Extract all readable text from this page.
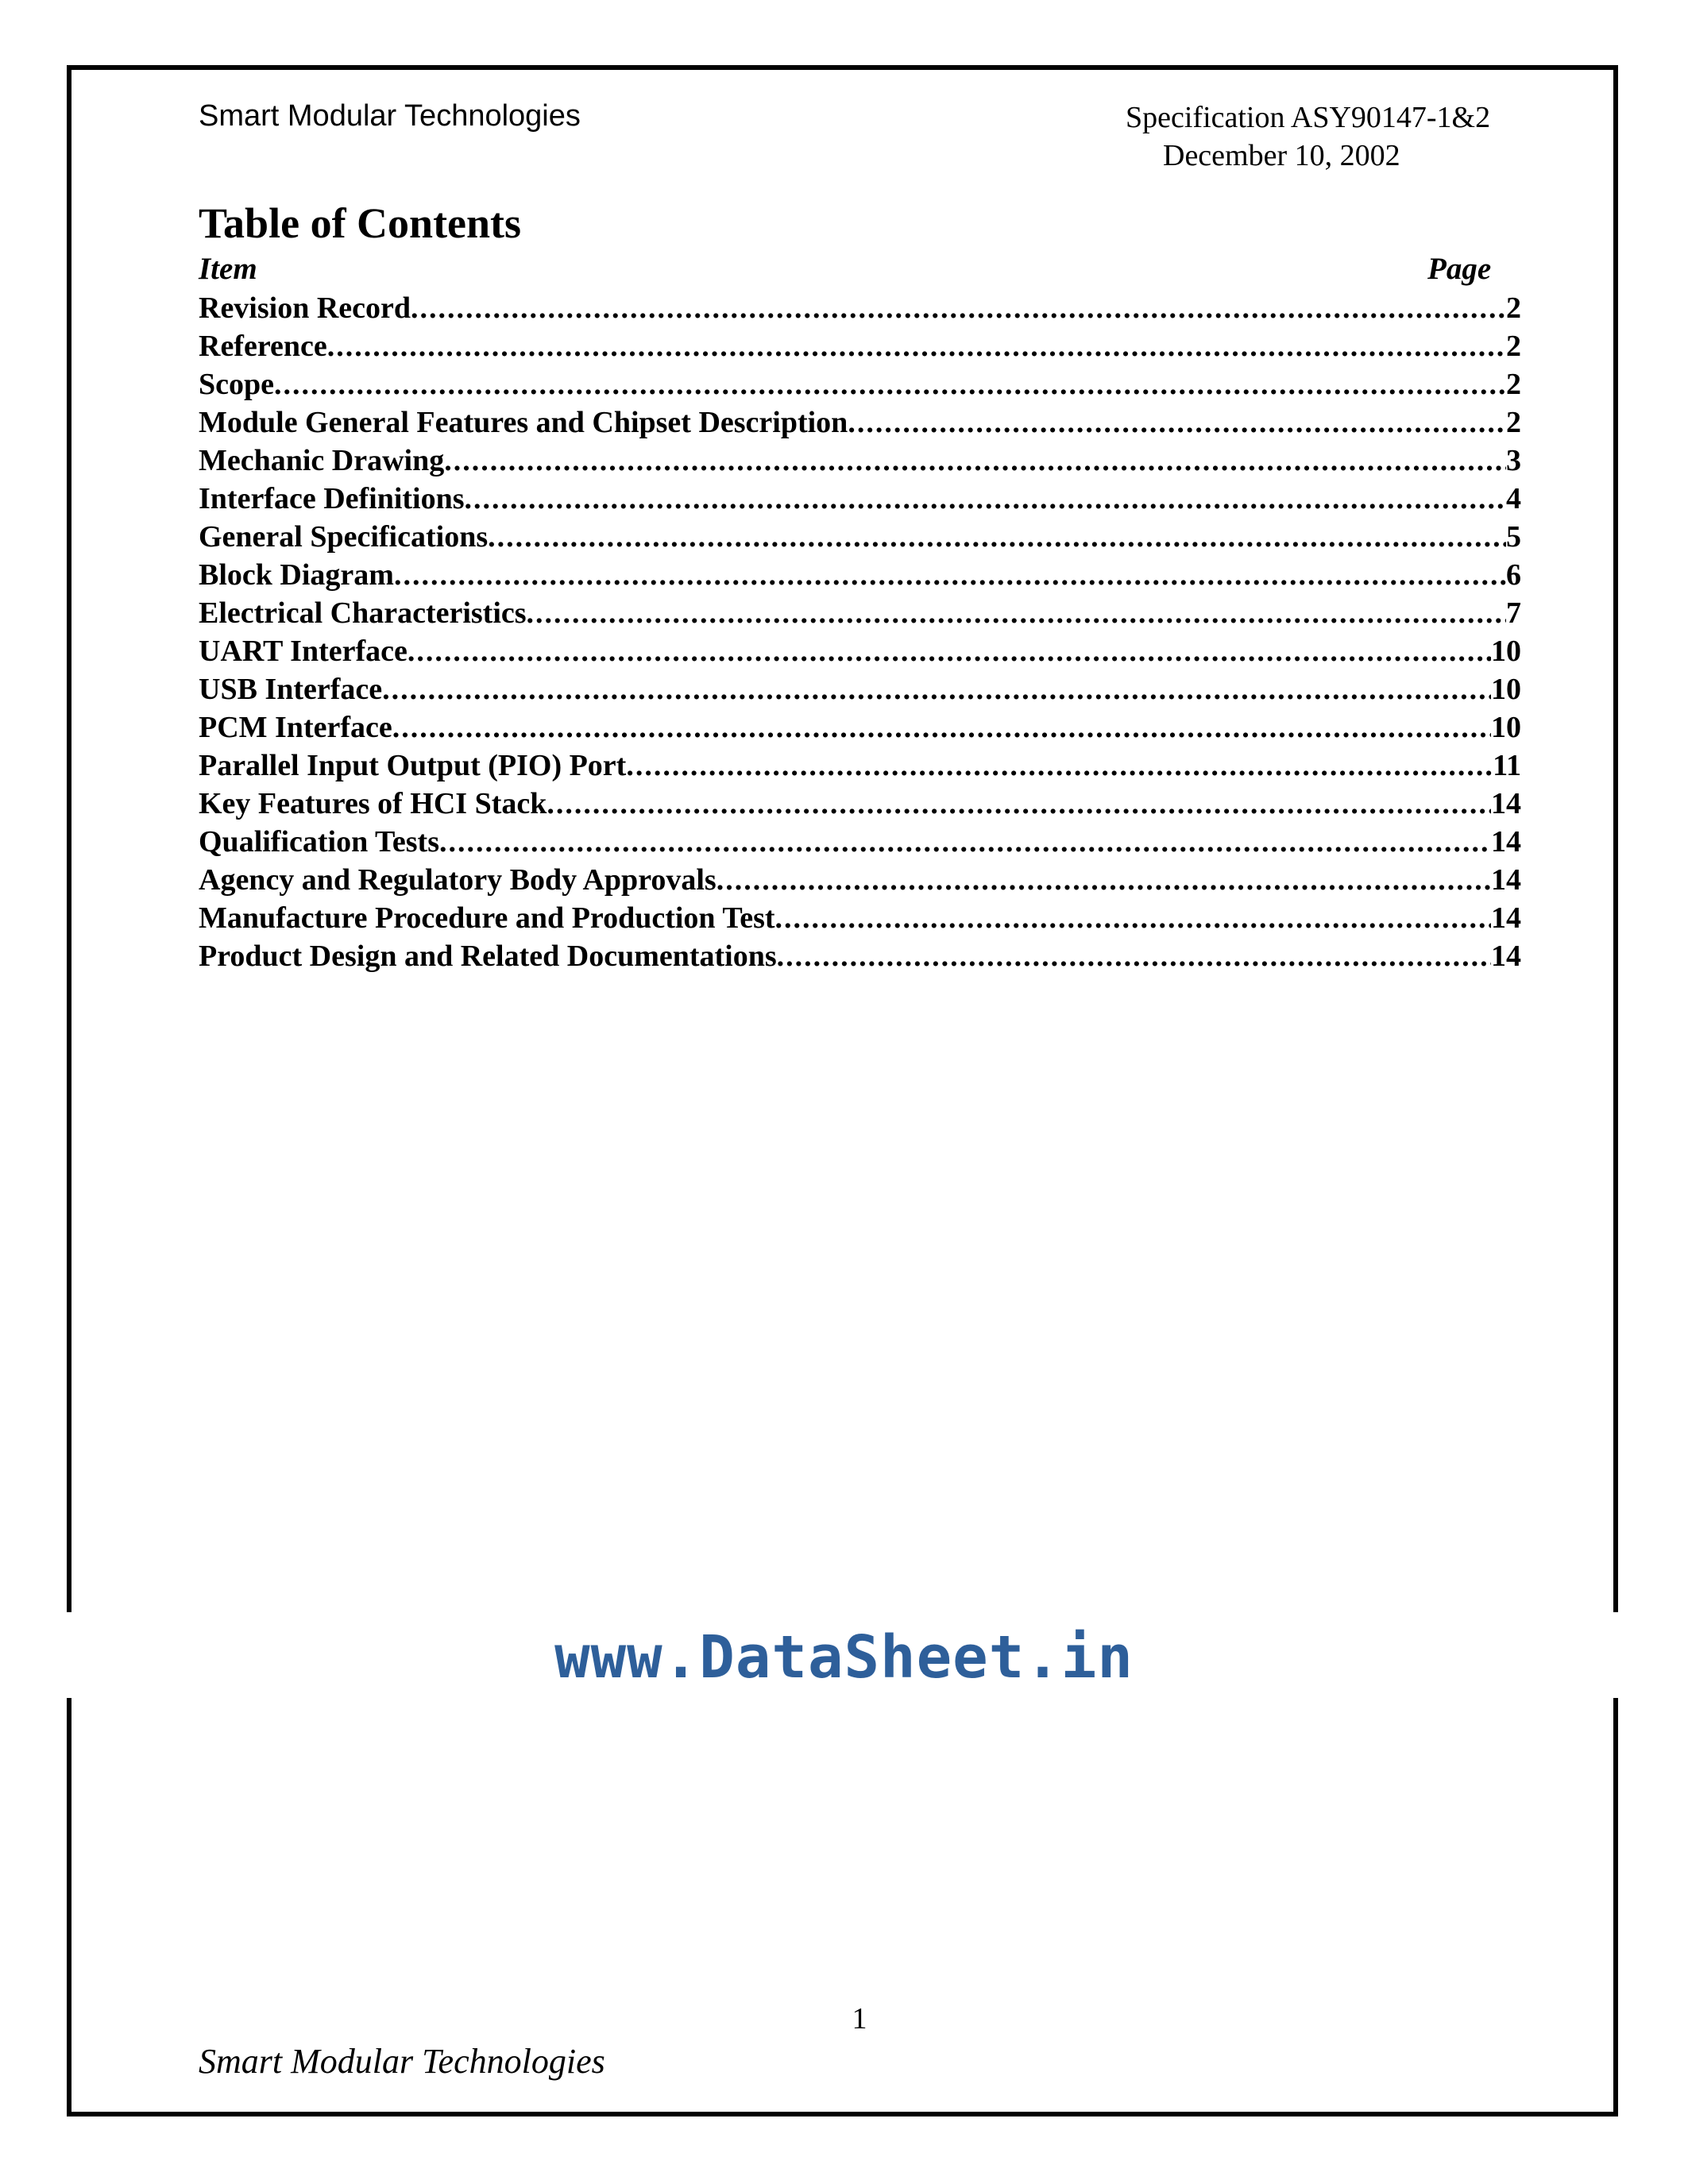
Smart Modular Technologies	Specification ASY90147-1&2
December 10, 2002
Table of Contents
Item	Page
Revision Record .....	2
Reference .....	2
Scope .....	2
Module General Features and Chipset Description .....	2
Mechanic Drawing .....	3
Interface Definitions .....	4
General Specifications .....	5
Block Diagram .....	6
Electrical Characteristics .....	7
UART Interface .....	10
USB Interface .....	10
PCM Interface .....	10
Parallel Input Output (PIO) Port .....	11
Key Features of HCI Stack .....	14
Qualification Tests .....	14
Agency and Regulatory Body Approvals .....	14
Manufacture Procedure and Production Test .....	14
Product Design and Related Documentations .....	14
www.DataSheet.in
1
Smart Modular Technologies
